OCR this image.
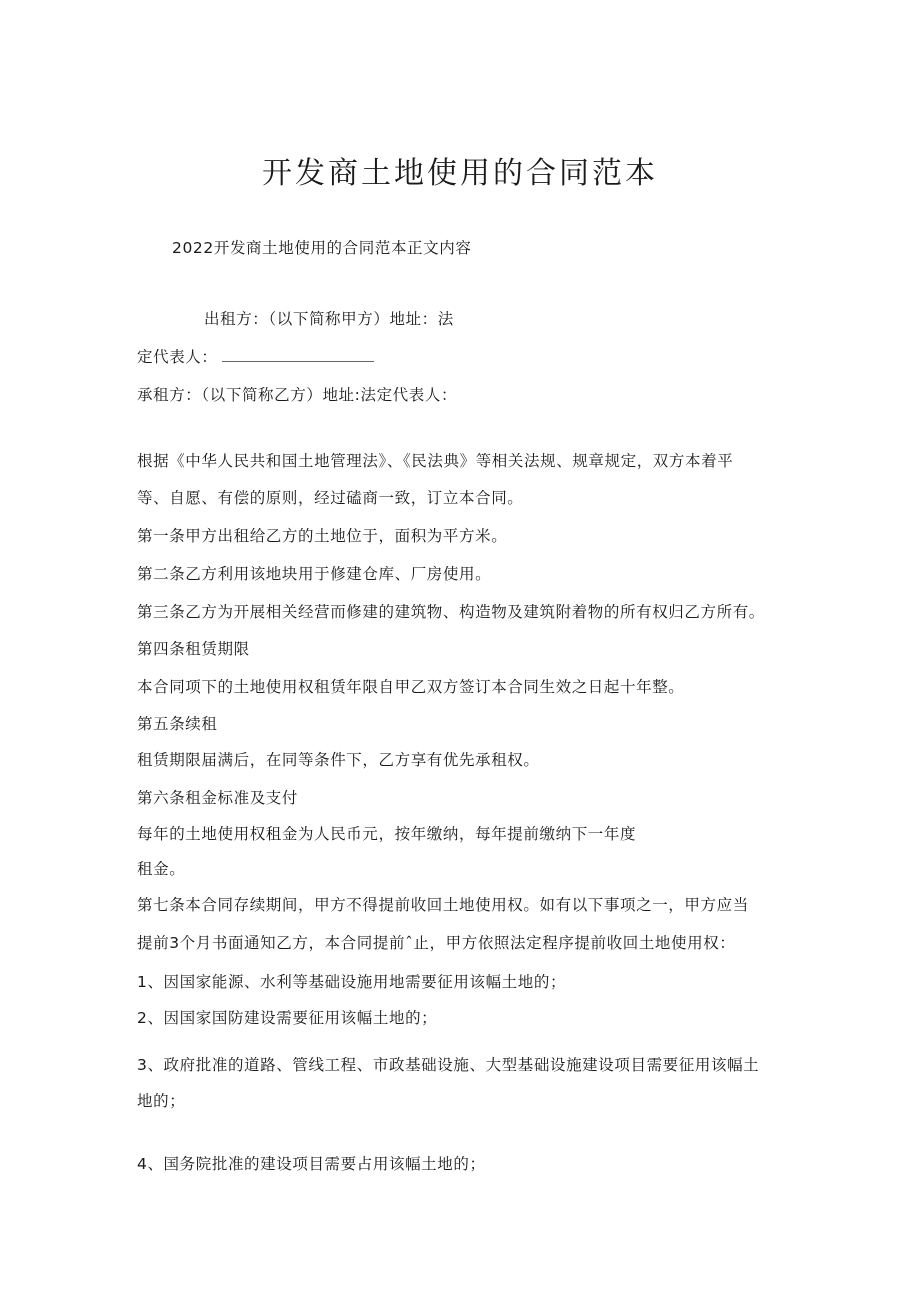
开发商土地使用的合同范本

2022开发商土地使用的合同范本正文内容

出租方：（以下简称甲方）地址：法

定代表人：

承租方：（以下简称乙方）地址:法定代表人：

根据《中华人民共和国土地管理法》、《民法典》等相关法规、规章规定，双方本着平

等、自愿、有偿的原则，经过磕商一致，订立本合同。

第一条甲方出租给乙方的土地位于，面积为平方米。

第二条乙方利用该地块用于修建仓库、厂房使用。

第三条乙方为开展相关经营而修建的建筑物、构造物及建筑附着物的所有权归乙方所有。

第四条租赁期限

本合同项下的土地使用权租赁年限自甲乙双方签订本合同生效之日起十年整。

第五条续租

租赁期限届满后，在同等条件下，乙方享有优先承租权。

第六条租金标准及支付

每年的土地使用权租金为人民币元，按年缴纳，每年提前缴纳下一年度

租金。

第七条本合同存续期间，甲方不得提前收回土地使用权。如有以下事项之一，甲方应当

提前3个月书面通知乙方，本合同提前ˆ止，甲方依照法定程序提前收回土地使用权：

1、因国家能源、水利等基础设施用地需要征用该幅土地的；

2、因国家国防建设需要征用该幅土地的；

3、政府批准的道路、管线工程、市政基础设施、大型基础设施建设项目需要征用该幅土

地的；

4、国务院批准的建设项目需要占用该幅土地的；
